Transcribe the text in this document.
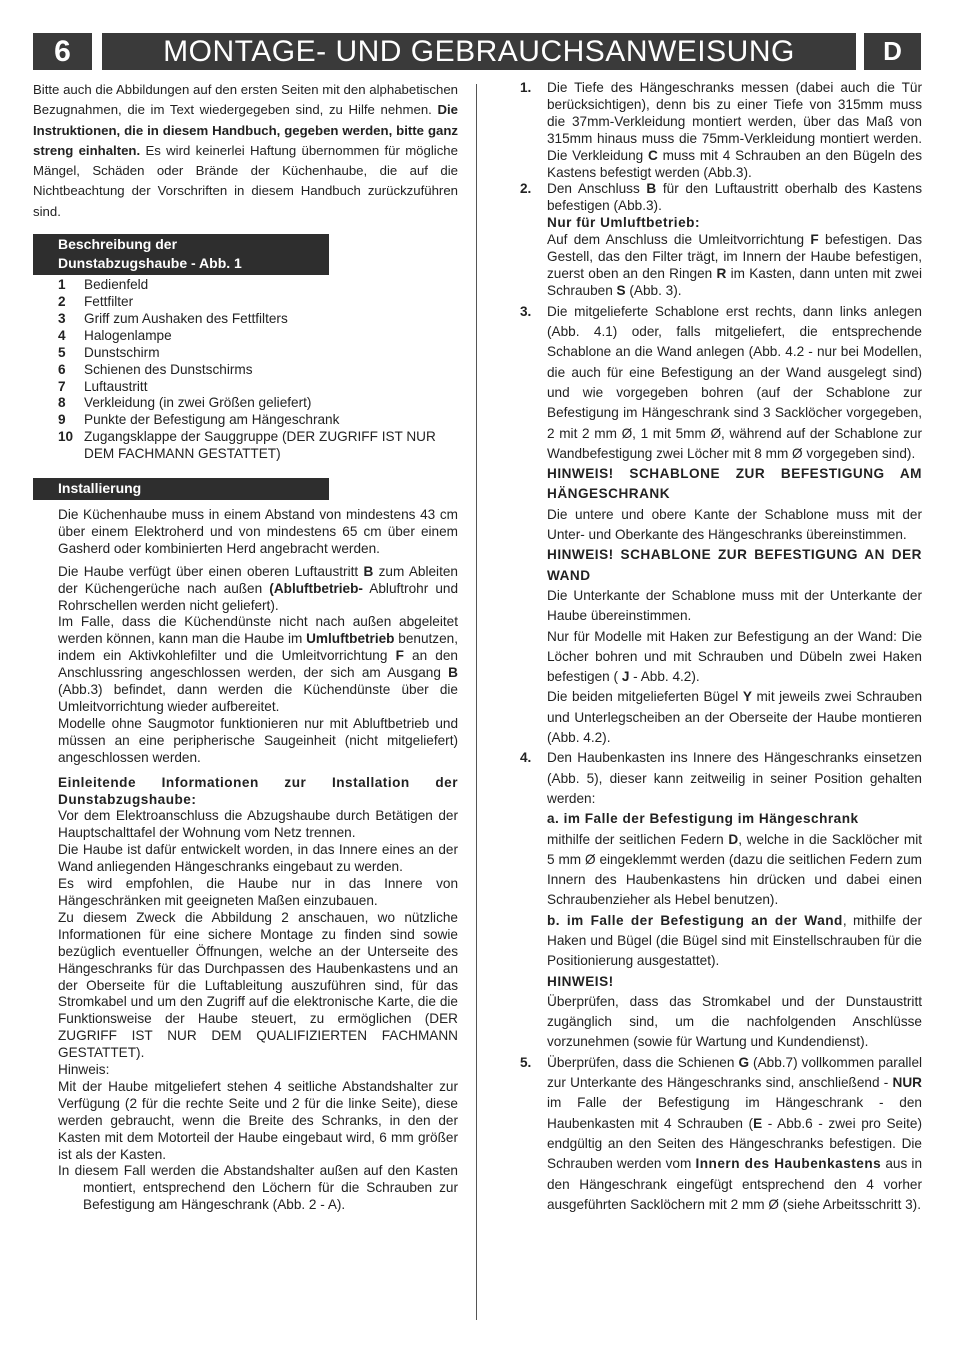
6	MONTAGE- UND GEBRAUCHSANWEISUNG	D

Bitte auch die Abbildungen auf den ersten Seiten mit den alphabetischen Bezugnahmen, die im Text wiedergegeben sind, zu Hilfe nehmen. Die Instruktionen, die in diesem Handbuch, gegeben werden, bitte ganz streng einhalten. Es wird keinerlei Haftung übernommen für mögliche Mängel, Schäden oder Brände der Küchenhaube, die auf die Nichtbeachtung der Vorschriften in diesem Handbuch zurückzuführen sind.

Beschreibung der
Dunstabzugshaube - Abb. 1
1	Bedienfeld
2	Fettfilter
3	Griff zum Aushaken des Fettfilters
4	Halogenlampe
5	Dunstschirm
6	Schienen des Dunstschirms
7	Luftaustritt
8	Verkleidung (in zwei Größen geliefert)
9	Punkte der Befestigung am Hängeschrank
10 Zugangsklappe der Sauggruppe (DER ZUGRIFF IST NUR DEM FACHMANN GESTATTET)
Installierung

Die Küchenhaube muss in einem Abstand von mindestens 43 cm über einem Elektroherd und von mindestens 65 cm über einem Gasherd oder kombinierten Herd angebracht werden.

Die Haube verfügt über einen oberen Luftaustritt B zum Ableiten der Küchengerüche nach außen (Abluftbetrieb- Abluftrohr und Rohrschellen werden nicht geliefert).

Im Falle, dass die Küchendünste nicht nach außen abgeleitet werden können, kann man die Haube im Umluftbetrieb benutzen, indem ein Aktivkohlefilter und die Umleitvorrichtung F an den Anschlussring angeschlossen werden, der sich am Ausgang B (Abb.3) befindet, dann werden die Küchendünste über die Umleitvorrichtung wieder aufbereitet.

Modelle ohne Saugmotor funktionieren nur mit Abluftbetrieb und müssen an eine peripherische Saugeinheit (nicht mitgeliefert) angeschlossen werden.

Einleitende Informationen zur Installation der Dunstabzugshaube:

Vor dem Elektroanschluss die Abzugshaube durch Betätigen der Hauptschalttafel der Wohnung vom Netz trennen.

Die Haube ist dafür entwickelt worden, in das Innere eines an der Wand anliegenden Hängeschranks eingebaut zu werden.

Es wird empfohlen, die Haube nur in das Innere von Hängeschränken mit geeigneten Maßen einzubauen.

Zu diesem Zweck die Abbildung 2 anschauen, wo nützliche Informationen für eine sichere Montage zu finden sind sowie bezüglich eventueller Öffnungen, welche an der Unterseite des Hängeschranks für das Durchpassen des Haubenkastens und an der Oberseite für die Luftableitung auszuführen sind, für das Stromkabel und um den Zugriff auf die elektronische Karte, die die Funktionsweise der Haube steuert, zu ermöglichen (DER ZUGRIFF IST NUR DEM QUALIFIZIERTEN FACHMANN GESTATTET).

Hinweis:

Mit der Haube mitgeliefert stehen 4 seitliche Abstandshalter zur Verfügung (2 für die rechte Seite und 2 für die linke Seite), diese werden gebraucht, wenn die Breite des Schranks, in den der Kasten mit dem Motorteil der Haube eingebaut wird, 6 mm größer ist als der Kasten.

In diesem Fall werden die Abstandshalter außen auf den Kasten montiert, entsprechend den Löchern für die Schrauben zur Befestigung am Hängeschrank (Abb. 2 - A).

1.	Die Tiefe des Hängeschranks messen (dabei auch die Tür berücksichtigen), denn bis zu einer Tiefe von 315mm muss die 37mm-Verkleidung montiert werden, über das Maß von 315mm hinaus muss die 75mm-Verkleidung montiert werden. Die Verkleidung C muss mit 4 Schrauben an den Bügeln des Kastens befestigt werden (Abb.3).
2.	Den Anschluss B für den Luftaustritt oberhalb des Kastens befestigen (Abb.3).

Nur für Umluftbetrieb:

Auf dem Anschluss die Umleitvorrichtung F befestigen. Das Gestell, das den Filter trägt, im Innern der Haube befestigen, zuerst oben an den Ringen R im Kasten, dann unten mit zwei Schrauben S (Abb. 3).

3.	Die mitgelieferte Schablone erst rechts, dann links anlegen (Abb. 4.1) oder, falls mitgeliefert, die entsprechende Schablone an die Wand anlegen (Abb. 4.2 - nur bei Modellen, die auch für eine Befestigung an der Wand ausgelegt sind) und wie vorgegeben bohren (auf der Schablone zur Befestigung im Hängeschrank sind 3 Sacklöcher vorgegeben, 2 mit 2 mm Ø, 1 mit 5mm Ø, während auf der Schablone zur Wandbefestigung zwei Löcher mit 8 mm Ø vorgegeben sind).

HINWEIS! SCHABLONE ZUR BEFESTIGUNG AM HÄNGESCHRANK

Die untere und obere Kante der Schablone muss mit der Unter- und Oberkante des Hängeschranks übereinstimmen.

HINWEIS! SCHABLONE ZUR BEFESTIGUNG AN DER WAND

Die Unterkante der Schablone muss mit der Unterkante der Haube übereinstimmen.

Nur für Modelle mit Haken zur Befestigung an der Wand: Die Löcher bohren und mit Schrauben und Dübeln zwei Haken befestigen ( J - Abb. 4.2).

Die beiden mitgelieferten Bügel Y mit jeweils zwei Schrauben und Unterlegscheiben an der Oberseite der Haube montieren (Abb. 4.2).

4.	Den Haubenkasten ins Innere des Hängeschranks einsetzen (Abb. 5), dieser kann zeitweilig in seiner Position gehalten werden:

a. im Falle der Befestigung im Hängeschrank

mithilfe der seitlichen Federn D, welche in die Sacklöcher mit 5 mm Ø eingeklemmt werden (dazu die seitlichen Federn zum Innern des Haubenkastens hin drücken und dabei einen Schraubenzieher als Hebel benutzen).

b. im Falle der Befestigung an der Wand, mithilfe der Haken und Bügel (die Bügel sind mit Einstellschrauben für die Positionierung ausgestattet).

HINWEIS!

Überprüfen, dass das Stromkabel und der Dunstaustritt zugänglich sind, um die nachfolgenden Anschlüsse vorzunehmen (sowie für Wartung und Kundendienst).

5.	Überprüfen, dass die Schienen G (Abb.7) vollkommen parallel zur Unterkante des Hängeschranks sind, anschließend - NUR im Falle der Befestigung im Hängeschrank - den Haubenkasten mit 4 Schrauben (E - Abb.6 - zwei pro Seite) endgültig an den Seiten des Hängeschranks befestigen. Die Schrauben werden vom Innern des Haubenkastens aus in den Hängeschrank eingefügt entsprechend den 4 vorher ausgeführten Sacklöchern mit 2 mm Ø (siehe Arbeitsschritt 3).
